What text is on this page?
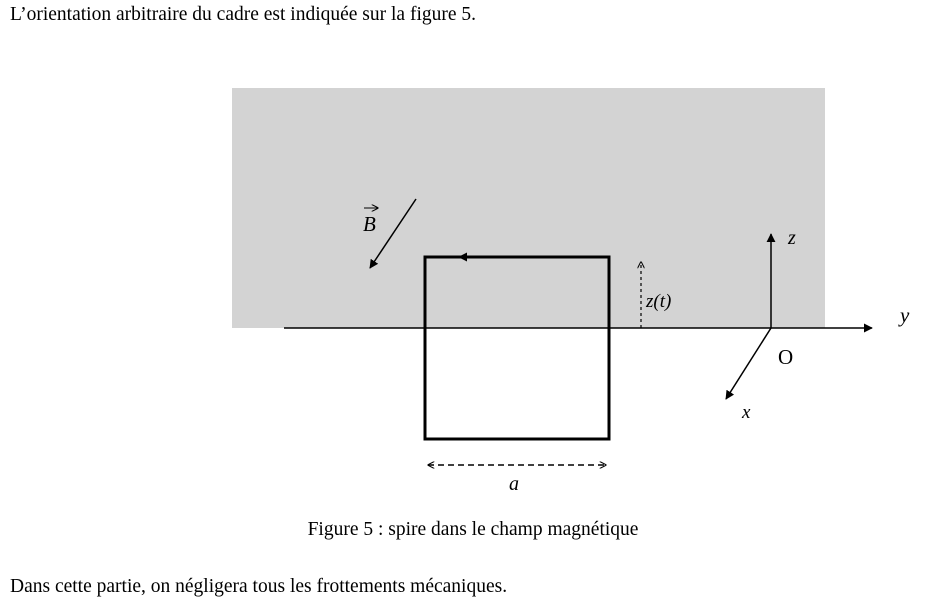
L’orientation arbitraire du cadre est indiquée sur la figure 5.

y
z
x
O
B
z(t)
a
Figure 5 : spire dans le champ magnétique

Dans cette partie, on négligera tous les frottements mécaniques.
